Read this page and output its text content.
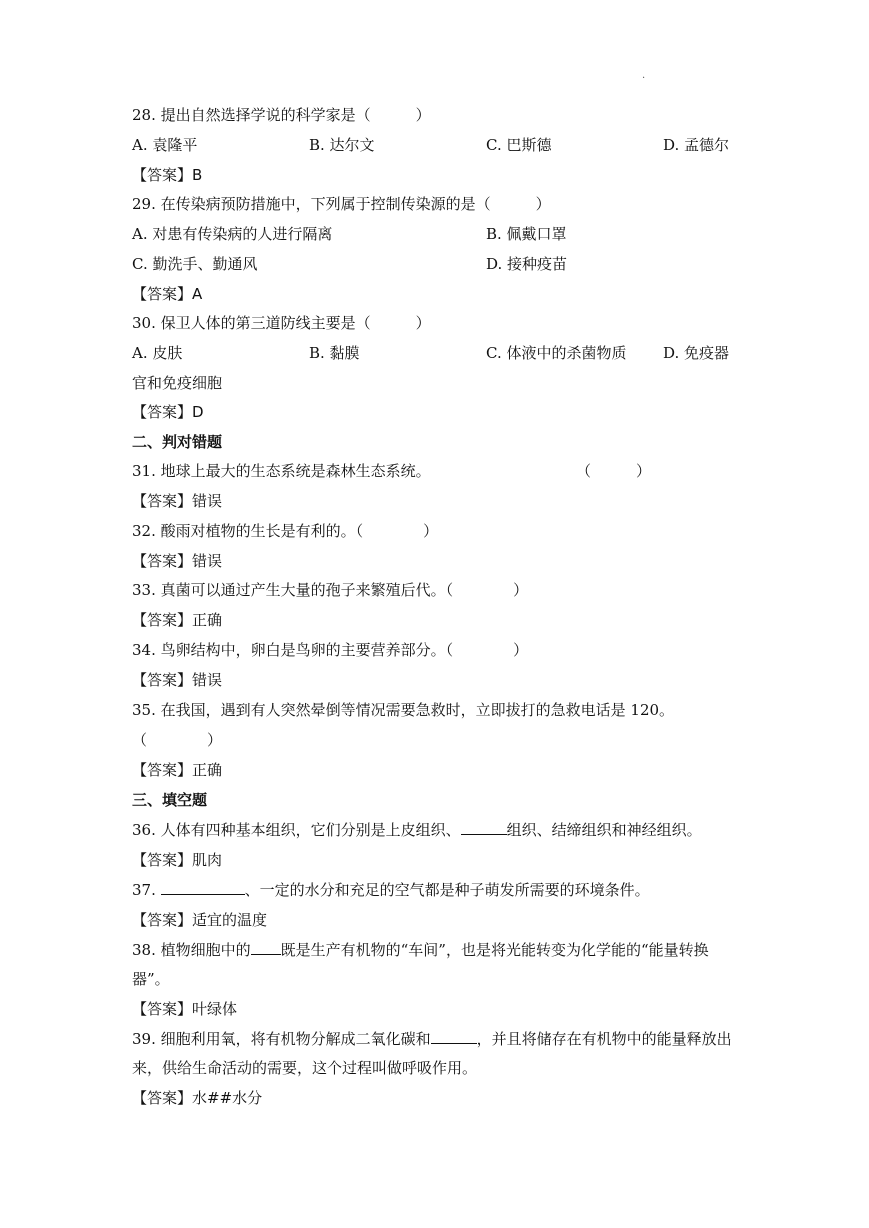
.
28. 提出自然选择学说的科学家是（　　　）
A. 袁隆平	B. 达尔文	C. 巴斯德	D. 孟德尔
【答案】B
29. 在传染病预防措施中，下列属于控制传染源的是（　　　）
A. 对患有传染病的人进行隔离	B. 佩戴口罩
C. 勤洗手、勤通风	D. 接种疫苗
【答案】A
30. 保卫人体的第三道防线主要是（　　　）
A. 皮肤	B. 黏膜	C. 体液中的杀菌物质 D. 免疫器
官和免疫细胞
【答案】D
二、判对错题
31. 地球上最大的生态系统是森林生态系统。	（　　　）
【答案】错误
32. 酸雨对植物的生长是有利的。（　　　　）
【答案】错误
33. 真菌可以通过产生大量的孢子来繁殖后代。（　　　　）
【答案】正确
34. 鸟卵结构中，卵白是鸟卵的主要营养部分。（　　　　）
【答案】错误
35. 在我国，遇到有人突然晕倒等情况需要急救时，立即拔打的急救电话是 120。
（　　　　）
【答案】正确
三、填空题
36. 人体有四种基本组织，它们分别是上皮组织、	组织、结缔组织和神经组织。
【答案】肌肉
37.	、一定的水分和充足的空气都是种子萌发所需要的环境条件。
【答案】适宜的温度
38. 植物细胞中的 既是生产有机物的“车间”，也是将光能转变为化学能的“能量转换
器”。
【答案】叶绿体
39. 细胞利用氧，将有机物分解成二氧化碳和	，并且将储存在有机物中的能量释放出
来，供给生命活动的需要，这个过程叫做呼吸作用。
【答案】水##水分
